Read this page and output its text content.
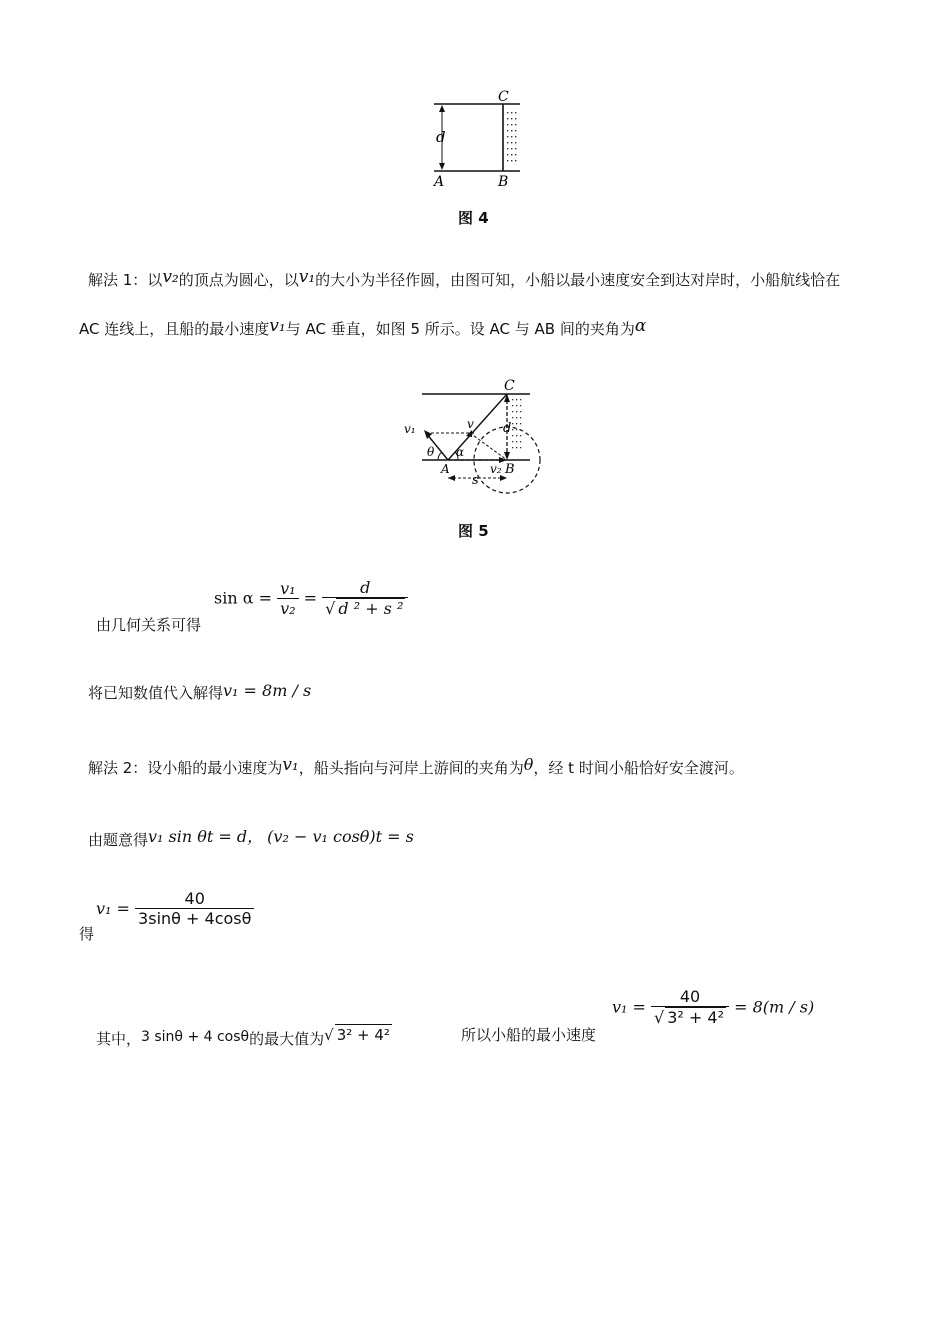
C
d
A	B
图 4
解法 1：以v₂的顶点为圆心，以v₁的大小为半径作圆，由图可知，小船以最小速度安全到达对岸时，小船航线恰在
AC 连线上，且船的最小速度v₁与 AC 垂直，如图 5 所示。设 AC 与 AB 间的夹角为α
C
v₁	v d
θ α
A	v₂ B
s
图 5
由几何关系可得
$\sin \alpha = \frac{\text{v₁}}{\text{v₂}} = \frac{d}{\text{√ d ² + s ²}}$
将已知数值代入解得v₁ = 8m / s
解法 2：设小船的最小速度为v₁，船头指向与河岸上游间的夹角为θ，经 t 时间小船恰好安全渡河。
由题意得v₁ sin θt = d， (v₂ − v₁ cosθ)t = s
得
$v_1 = \frac{40}{3\sin\theta + 4\cos\theta}$
其中，3 sinθ + 4 cosθ的最大值为√ 3² + 4²	所以小船的最小速度
$v_1 = \frac{40}{\text{√ 3² + 4²}} = 8(m / s)$
